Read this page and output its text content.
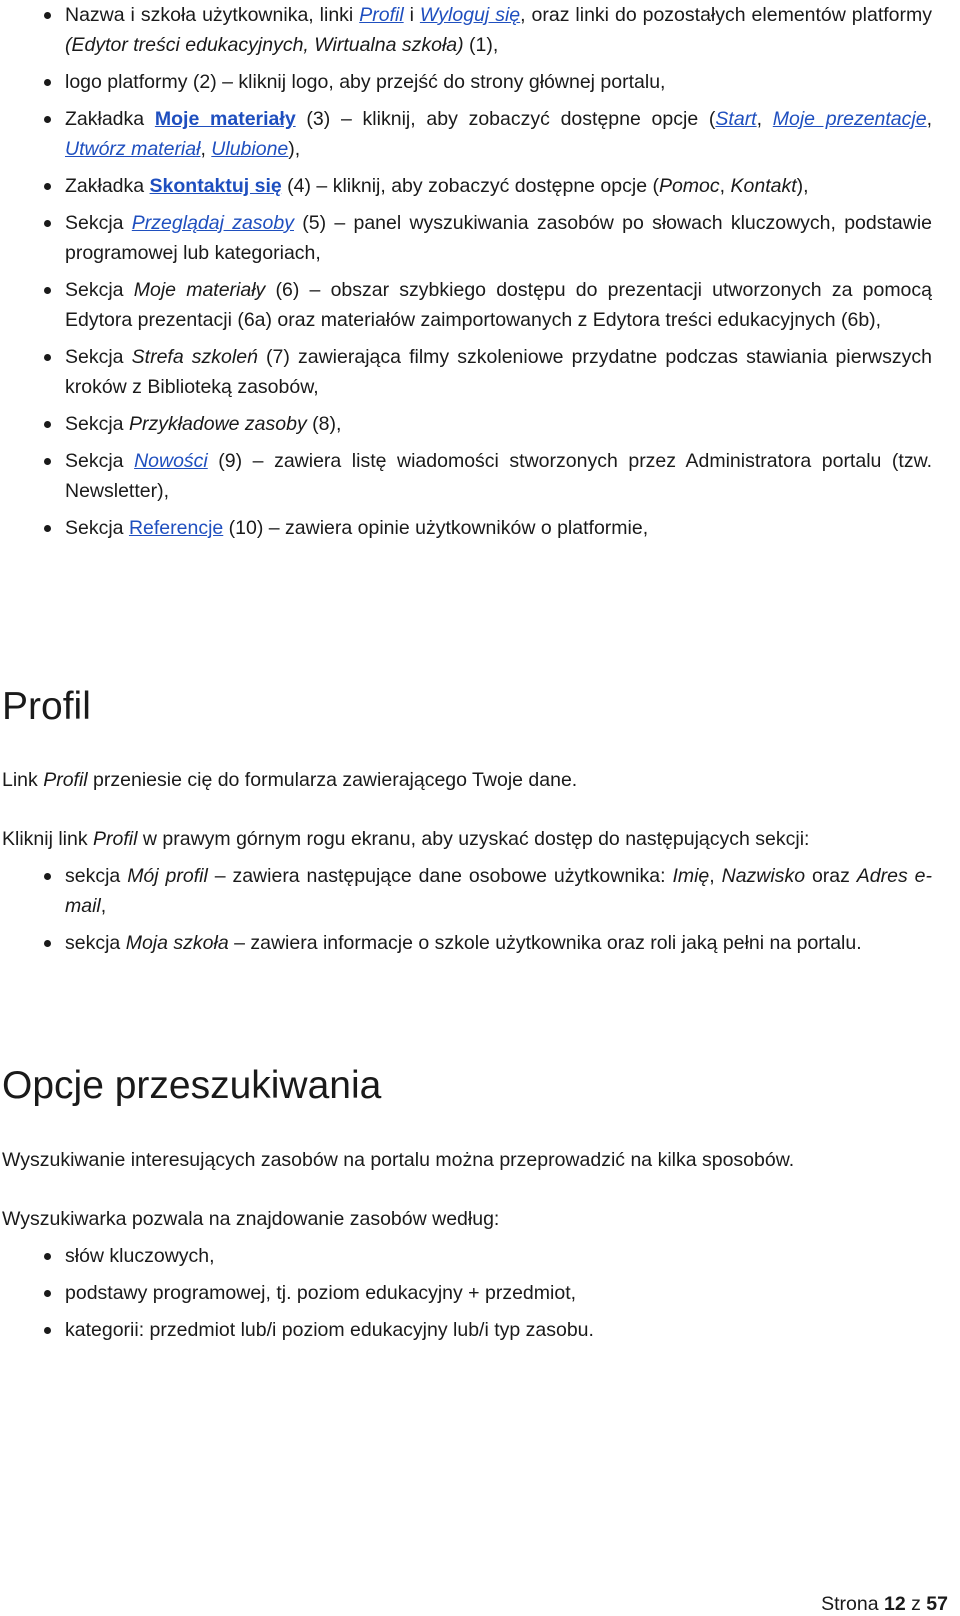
Nazwa i szkoła użytkownika, linki Profil i Wyloguj się, oraz linki do pozostałych elementów platformy (Edytor treści edukacyjnych, Wirtualna szkoła) (1),
logo platformy (2) – kliknij logo, aby przejść do strony głównej portalu,
Zakładka Moje materiały (3) – kliknij, aby zobaczyć dostępne opcje (Start, Moje prezentacje, Utwórz materiał, Ulubione),
Zakładka Skontaktuj się (4) – kliknij, aby zobaczyć dostępne opcje (Pomoc, Kontakt),
Sekcja Przeglądaj zasoby (5) – panel wyszukiwania zasobów po słowach kluczowych, podstawie programowej lub kategoriach,
Sekcja Moje materiały (6) – obszar szybkiego dostępu do prezentacji utworzonych za pomocą Edytora prezentacji (6a) oraz materiałów zaimportowanych z Edytora treści edukacyjnych (6b),
Sekcja Strefa szkoleń (7) zawierająca filmy szkoleniowe przydatne podczas stawiania pierwszych kroków z Biblioteką zasobów,
Sekcja Przykładowe zasoby (8),
Sekcja Nowości (9) – zawiera listę wiadomości stworzonych przez Administratora portalu (tzw. Newsletter),
Sekcja Referencje (10) – zawiera opinie użytkowników o platformie,
Profil

Link Profil przeniesie cię do formularza zawierającego Twoje dane.

Kliknij link Profil w prawym górnym rogu ekranu, aby uzyskać dostęp do następujących sekcji:

sekcja Mój profil – zawiera następujące dane osobowe użytkownika: Imię, Nazwisko oraz Adres e-mail,
sekcja Moja szkoła – zawiera informacje o szkole użytkownika oraz roli jaką pełni na portalu.
Opcje przeszukiwania

Wyszukiwanie interesujących zasobów na portalu można przeprowadzić na kilka sposobów.

Wyszukiwarka pozwala na znajdowanie zasobów według:

słów kluczowych,
podstawy programowej, tj. poziom edukacyjny + przedmiot,
kategorii: przedmiot lub/i poziom edukacyjny lub/i typ zasobu.
Strona 12 z 57
